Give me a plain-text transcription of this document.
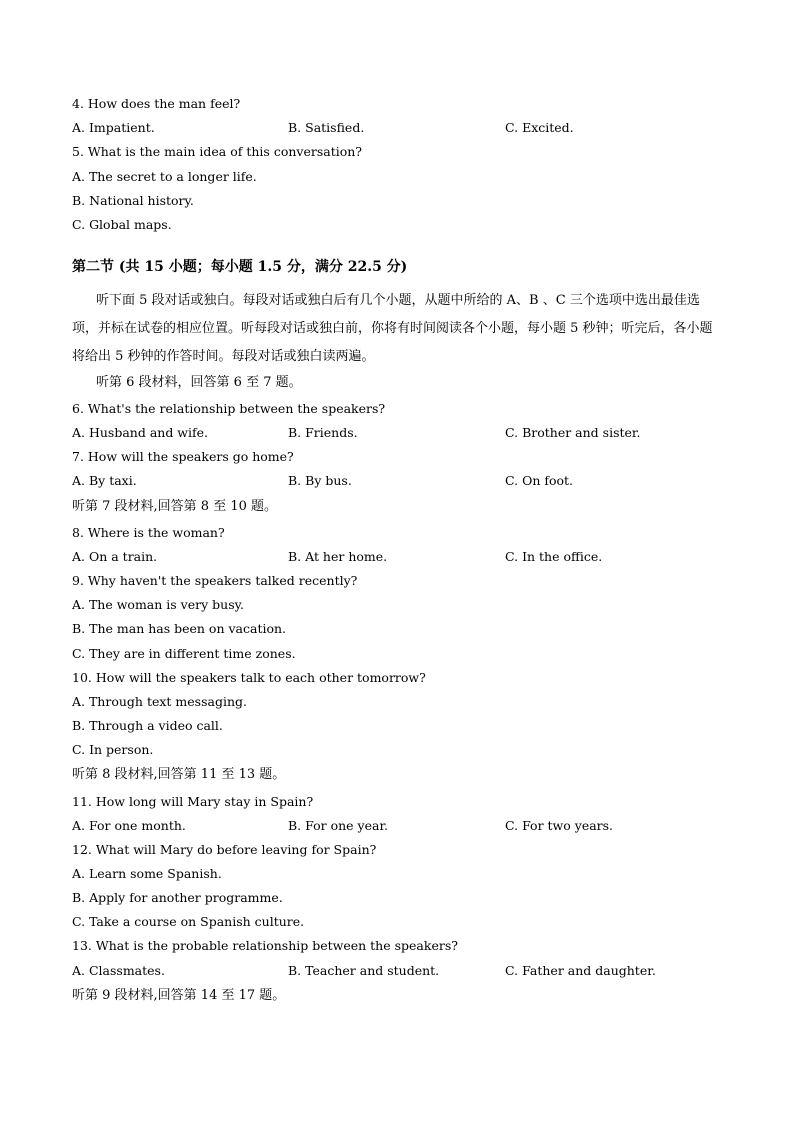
4. How does the man feel?
A. Impatient.	B. Satisfied.	C. Excited.
5. What is the main idea of this conversation?
A. The secret to a longer life.
B. National history.
C. Global maps.
第二节 (共 15 小题；每小题 1.5 分，满分 22.5 分)
听下面 5 段对话或独白。每段对话或独白后有几个小题，从题中所给的 A、B 、C 三个选项中选出最佳选项，并标在试卷的相应位置。听每段对话或独白前，你将有时间阅读各个小题，每小题 5 秒钟；听完后，各小题将给出 5 秒钟的作答时间。每段对话或独白读两遍。
听第 6 段材料，回答第 6 至 7 题。
6. What's the relationship between the speakers?
A. Husband and wife.	B. Friends.	C. Brother and sister.
7. How will the speakers go home?
A. By taxi.	B. By bus.	C. On foot.
听第 7 段材料,回答第 8 至 10 题。
8. Where is the woman?
A. On a train.	B. At her home.	C. In the office.
9. Why haven't the speakers talked recently?
A. The woman is very busy.
B. The man has been on vacation.
C. They are in different time zones.
10. How will the speakers talk to each other tomorrow?
A. Through text messaging.
B. Through a video call.
C. In person.
听第 8 段材料,回答第 11 至 13 题。
11. How long will Mary stay in Spain?
A. For one month.	B. For one year.	C. For two years.
12. What will Mary do before leaving for Spain?
A. Learn some Spanish.
B. Apply for another programme.
C. Take a course on Spanish culture.
13. What is the probable relationship between the speakers?
A. Classmates.	B. Teacher and student.	C. Father and daughter.
听第 9 段材料,回答第 14 至 17 题。
